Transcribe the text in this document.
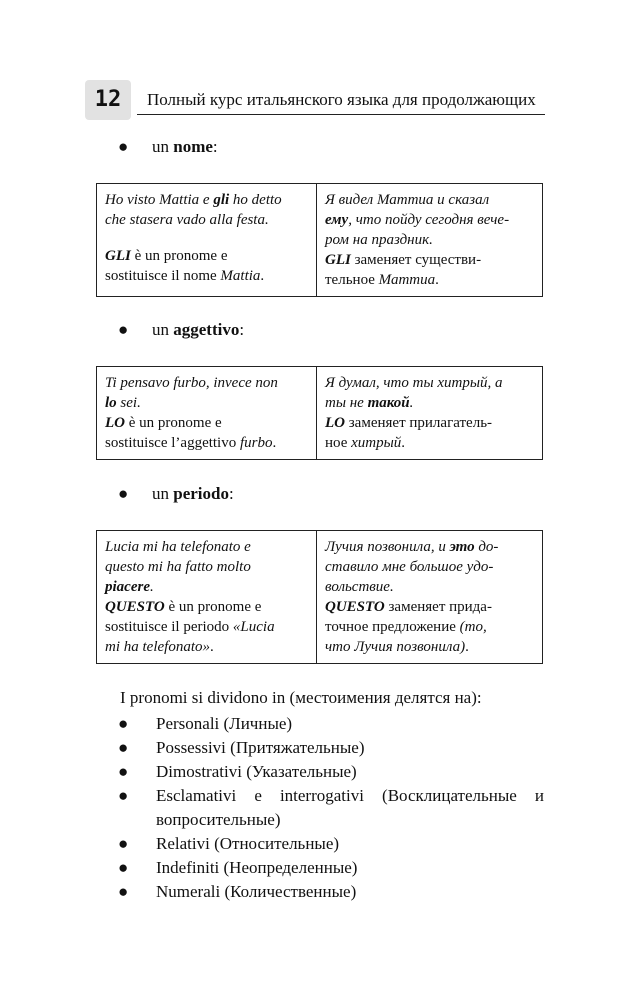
12	Полный курс итальянского языка для продолжающих
● un nome:
Ho visto Mattia e gli ho detto
che stasera vado alla festa.

GLI è un pronome e
sostituisce il nome Mattia.	Я видел Маттиа и сказал
ему, что пойду сегодня вече-
ром на праздник.
GLI заменяет существи-
тельное Маттиа.
● un aggettivo:
Ti pensavo furbo, invece non
lo sei.
LO è un pronome e
sostituisce l’aggettivo furbo.	Я думал, что ты хитрый, а
ты не такой.
LO заменяет прилагатель-
ное хитрый.
● un periodo:
Lucia mi ha telefonato e
questo mi ha fatto molto
piacere.
QUESTO è un pronome e
sostituisce il periodo «Lucia
mi ha telefonato».	Лучия позвонила, и это до-
ставило мне большое удо-
вольствие.
QUESTO заменяет прида-
точное предложение (то,
что Лучия позвонила).
I pronomi si dividono in (местоимения делятся на):
● Personali (Личные)
● Possessivi (Притяжательные)
● Dimostrativi (Указательные)
● Esclamativi e interrogativi (Восклицательные и вопросительные)
● Relativi (Относительные)
● Indefiniti (Неопределенные)
● Numerali (Количественные)
